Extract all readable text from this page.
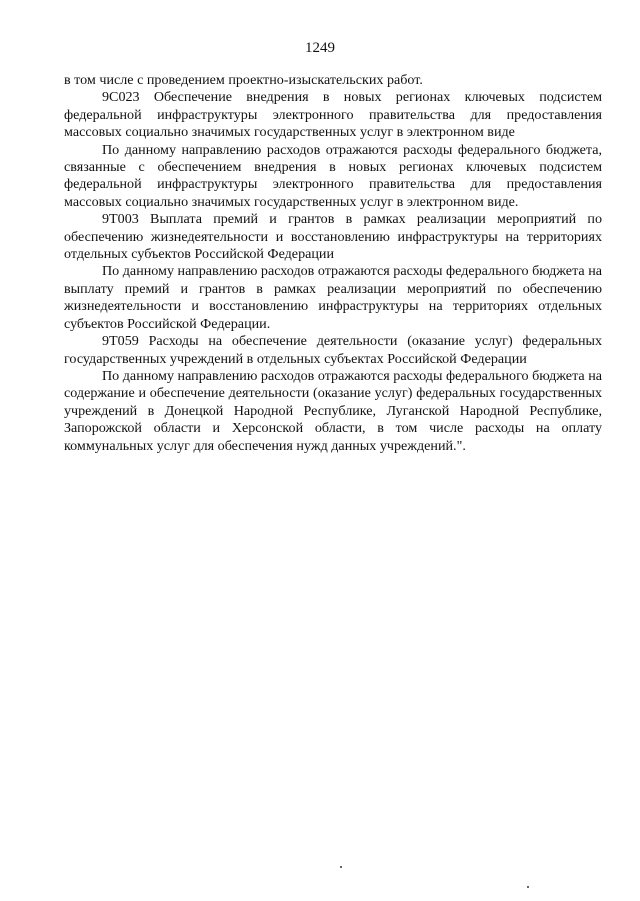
1249

в том числе с проведением проектно-изыскательских работ.

9С023 Обеспечение внедрения в новых регионах ключевых подсистем федеральной инфраструктуры электронного правительства для предоставления массовых социально значимых государственных услуг в электронном виде

По данному направлению расходов отражаются расходы федерального бюджета, связанные с обеспечением внедрения в новых регионах ключевых подсистем федеральной инфраструктуры электронного правительства для предоставления массовых социально значимых государственных услуг в электронном виде.

9Т003 Выплата премий и грантов в рамках реализации мероприятий по обеспечению жизнедеятельности и восстановлению инфраструктуры на территориях отдельных субъектов Российской Федерации

По данному направлению расходов отражаются расходы федерального бюджета на выплату премий и грантов в рамках реализации мероприятий по обеспечению жизнедеятельности и восстановлению инфраструктуры на территориях отдельных субъектов Российской Федерации.

9Т059 Расходы на обеспечение деятельности (оказание услуг) федеральных государственных учреждений в отдельных субъектах Российской Федерации

По данному направлению расходов отражаются расходы федерального бюджета на содержание и обеспечение деятельности (оказание услуг) федеральных государственных учреждений в Донецкой Народной Республике, Луганской Народной Республике, Запорожской области и Херсонской области, в том числе расходы на оплату коммунальных услуг для обеспечения нужд данных учреждений.".
